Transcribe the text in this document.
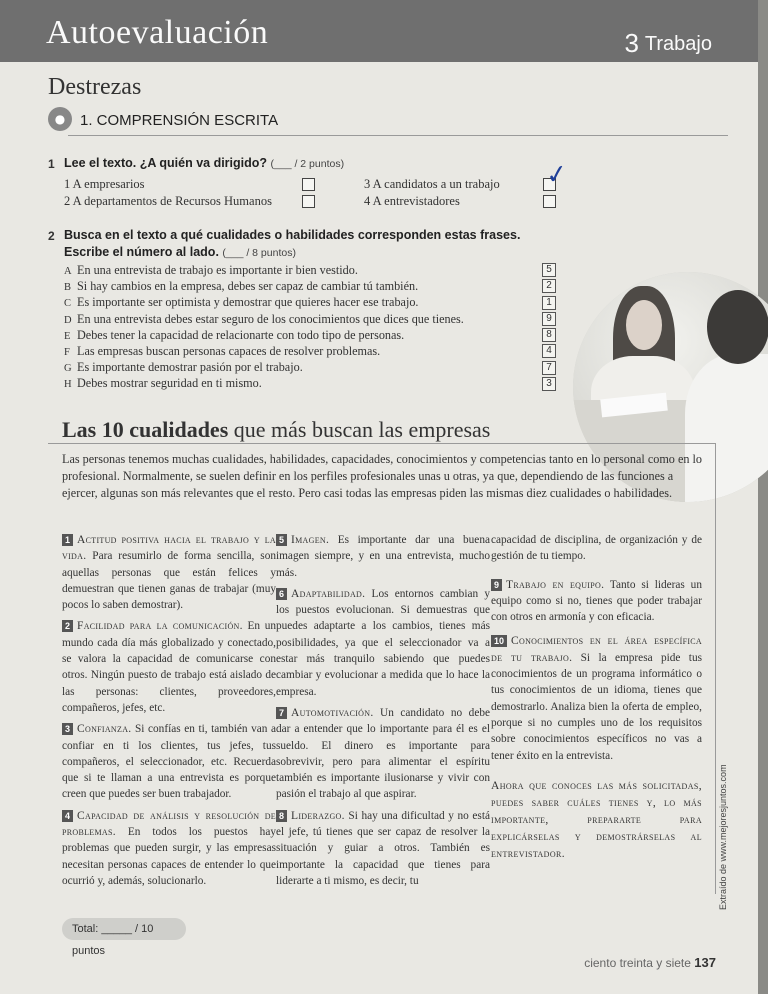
Autoevaluación	3 Trabajo
Destrezas
● 1. COMPRENSIÓN ESCRITA
1 Lee el texto. ¿A quién va dirigido? (___ / 2 puntos)
1 A empresarios
2 A departamentos de Recursos Humanos
3 A candidatos a un trabajo ✓
4 A entrevistadores
2 Busca en el texto a qué cualidades o habilidades corresponden estas frases.
Escribe el número al lado. (___ / 8 puntos)
A En una entrevista de trabajo es importante ir bien vestido.
B Si hay cambios en la empresa, debes ser capaz de cambiar tú también.
C Es importante ser optimista y demostrar que quieres hacer ese trabajo.
D En una entrevista debes estar seguro de los conocimientos que dices que tienes.
E Debes tener la capacidad de relacionarte con todo tipo de personas.
F Las empresas buscan personas capaces de resolver problemas.
G Es importante demostrar pasión por el trabajo.
H Debes mostrar seguridad en ti mismo.
5
2
1
9
8
4
7
3
Las 10 cualidades que más buscan las empresas
Las personas tenemos muchas cualidades, habilidades, capacidades, conocimientos y competencias tanto en lo personal como en lo profesional. Normalmente, se suelen definir en los perfiles profesionales unas u otras, ya que, dependiendo de las funciones a ejercer, algunas son más relevantes que el resto. Pero casi todas las empresas piden las mismas diez cualidades o habilidades.
1 Actitud positiva hacia el trabajo y la vida. Para resumirlo de forma sencilla, son aquellas personas que están felices y demuestran que tienen ganas de trabajar (muy pocos lo saben demostrar).
2 Facilidad para la comunicación. En un mundo cada día más globalizado y conectado, se valora la capacidad de comunicarse con otros. Ningún puesto de trabajo está aislado de las personas: clientes, proveedores, compañeros, jefes, etc.
3 Confianza. Si confías en ti, también van a confiar en ti los clientes, tus jefes, tus compañeros, el seleccionador, etc. Recuerda que si te llaman a una entrevista es porque creen que puedes ser buen trabajador.
4 Capacidad de análisis y resolución de problemas. En todos los puestos hay problemas que pueden surgir, y las empresas necesitan personas capaces de entender lo que ocurrió y, además, solucionarlo.
5 Imagen. Es importante dar una buena imagen siempre, y en una entrevista, mucho más.
6 Adaptabilidad. Los entornos cambian y los puestos evolucionan. Si demuestras que puedes adaptarte a los cambios, tienes más posibilidades, ya que el seleccionador va a estar más tranquilo sabiendo que puedes cambiar y evolucionar a medida que lo hace la empresa.
7 Automotivación. Un candidato no debe dar a entender que lo importante para él es el sueldo. El dinero es importante para sobrevivir, pero para alimentar el espíritu también es importante ilusionarse y vivir con pasión el trabajo al que aspirar.
8 Liderazgo. Si hay una dificultad y no está el jefe, tú tienes que ser capaz de resolver la situación y guiar a otros. También es importante la capacidad que tienes para liderarte a ti mismo, es decir, tu
capacidad de disciplina, de organización y de gestión de tu tiempo.
9 Trabajo en equipo. Tanto si lideras un equipo como si no, tienes que poder trabajar con otros en armonía y con eficacia.
10 Conocimientos en el área específica de tu trabajo. Si la empresa pide tus conocimientos de un programa informático o tus conocimientos de un idioma, tienes que demostrarlo. Analiza bien la oferta de empleo, porque si no cumples uno de los requisitos sobre conocimientos específicos no vas a tener éxito en la entrevista.
Ahora que conoces las más solicitadas, puedes saber cuáles tienes y, lo más importante, prepararte para explicárselas y demostrárselas al entrevistador.	Extraído de www.mejoresjuntos.com
Total: _____ / 10 puntos
ciento treinta y siete 137
